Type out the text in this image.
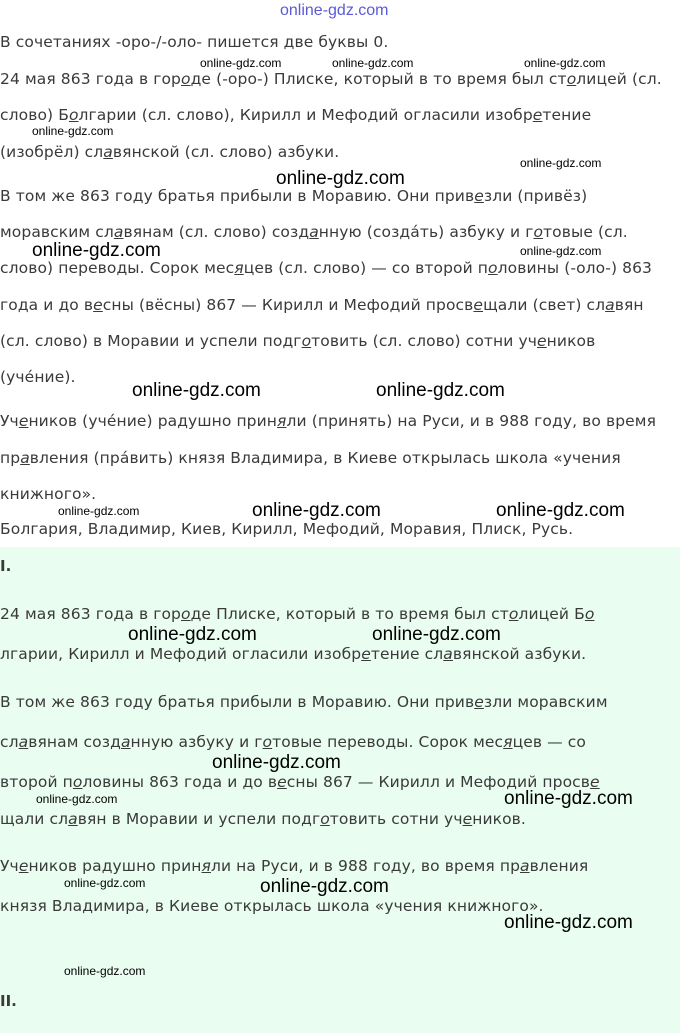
online-gdz.com
В сочетаниях -оро-/-оло- пишется две буквы 0.
24 мая 863 года в городе (-оро-) Плиске, который в то время был столицей (сл.
слово) Болгарии (сл. слово), Кирилл и Мефодий огласили изобретение
(изобрёл) славянской (сл. слово) азбуки.
В том же 863 году братья прибыли в Моравию. Они привезли (привёз)
моравским славянам (сл. слово) созданную (создáть) азбуку и готовые (сл.
слово) переводы. Сорок месяцев (сл. слово) — со второй половины (-оло-) 863
года и до весны (вёсны) 867 — Кирилл и Мефодий просвещали (свет) славян
(сл. слово) в Моравии и успели подготовить (сл. слово) сотни учеников
(учéние).
Учеников (учéние) радушно приняли (принять) на Руси, и в 988 году, во время
правления (прáвить) князя Владимира, в Киеве открылась школа «учения
книжного».
Болгария, Владимир, Киев, Кирилл, Мефодий, Моравия, Плиск, Русь.
I.
II.
24 мая 863 года в городе Плиске, который в то время был столицей Бо
лгарии, Кирилл и Мефодий огласили изобретение славянской азбуки.
В том же 863 году братья прибыли в Моравию. Они привезли моравским
славянам созданную азбуку и готовые переводы. Сорок месяцев — со
второй половины 863 года и до весны 867 — Кирилл и Мефодий просве
щали славян в Моравии и успели подготовить сотни учеников.
Учеников радушно приняли на Руси, и в 988 году, во время правления
князя Владимира, в Киеве открылась школа «учения книжного».
online-gdz.com	online-gdz.com	online-gdz.com
online-gdz.com
online-gdz.com
online-gdz.com
online-gdz.com	online-gdz.com
online-gdz.com	online-gdz.com
online-gdz.com	online-gdz.com	online-gdz.com
online-gdz.com	online-gdz.com
online-gdz.com
online-gdz.com	online-gdz.com
online-gdz.com	online-gdz.com
online-gdz.com
online-gdz.com
